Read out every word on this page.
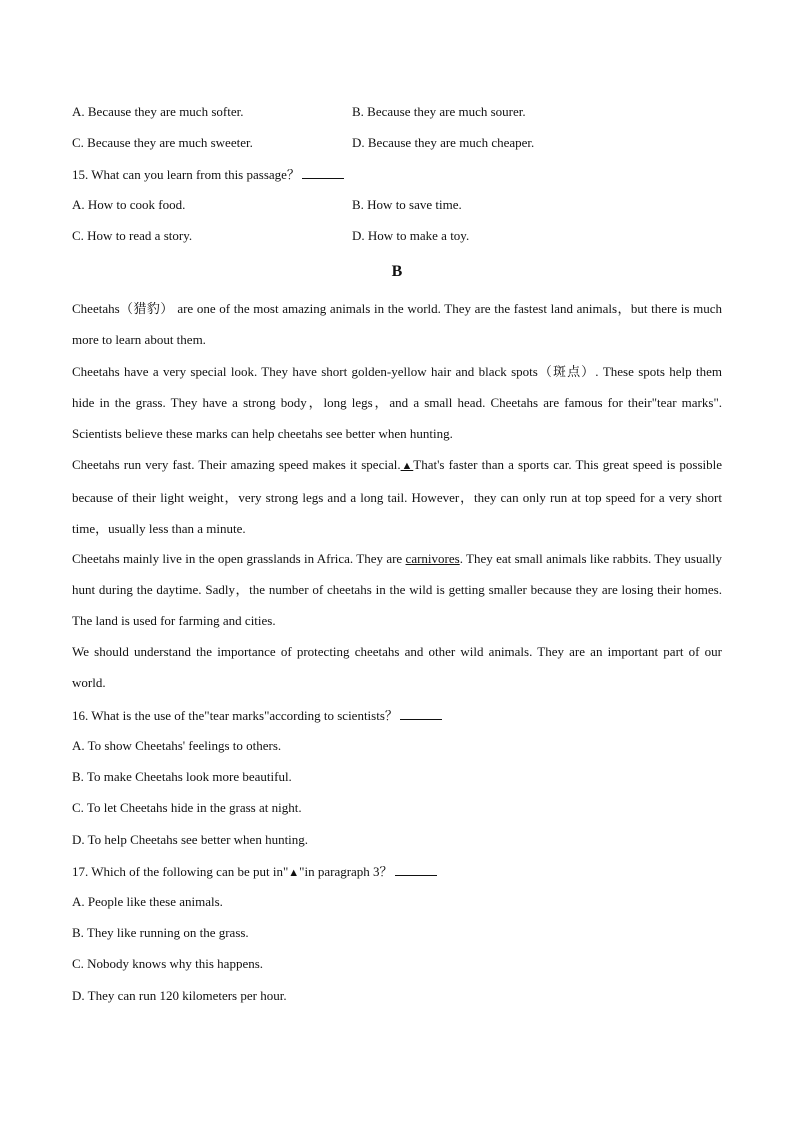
A. Because they are much softer.	B. Because they are much sourer.
C. Because they are much sweeter.	D. Because they are much cheaper.
15. What can you learn from this passage？
A. How to cook food.	B. How to save time.
C. How to read a story.	D. How to make a toy.
B
Cheetahs（猎豹） are one of the most amazing animals in the world. They are the fastest land animals，but there is much more to learn about them.
Cheetahs have a very special look. They have short golden-yellow hair and black spots（斑点）. These spots help them hide in the grass. They have a strong body，long legs，and a small head. Cheetahs are famous for their"tear marks". Scientists believe these marks can help cheetahs see better when hunting.
Cheetahs run very fast. Their amazing speed makes it special.▲That's faster than a sports car. This great speed is possible because of their light weight，very strong legs and a long tail. However，they can only run at top speed for a very short time，usually less than a minute.
Cheetahs mainly live in the open grasslands in Africa. They are carnivores. They eat small animals like rabbits. They usually hunt during the daytime. Sadly，the number of cheetahs in the wild is getting smaller because they are losing their homes. The land is used for farming and cities.
We should understand the importance of protecting cheetahs and other wild animals. They are an important part of our world.
16. What is the use of the"tear marks"according to scientists？
A. To show Cheetahs' feelings to others.
B. To make Cheetahs look more beautiful.
C. To let Cheetahs hide in the grass at night.
D. To help Cheetahs see better when hunting.
17. Which of the following can be put in"▲"in paragraph 3？
A. People like these animals.
B. They like running on the grass.
C. Nobody knows why this happens.
D. They can run 120 kilometers per hour.
